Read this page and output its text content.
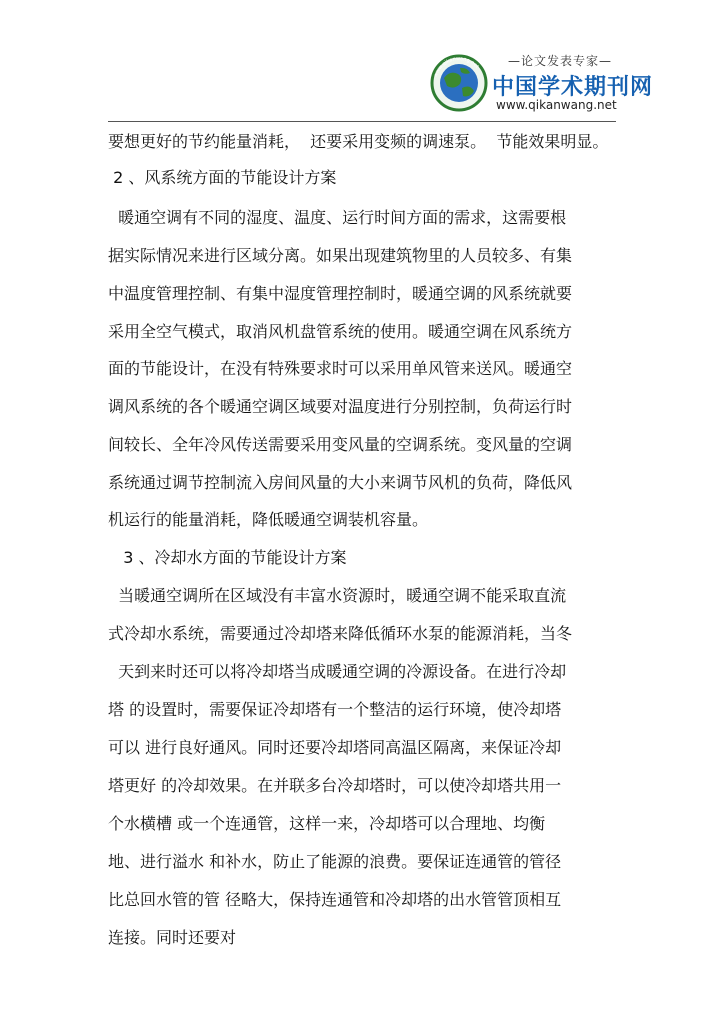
www.qikanwang.net	—论文发表专家—
中国学术期刊网
www.qikanwang.net
要想更好的节约能量消耗，  还要采用变频的调速泵。  节能效果明显。
2 、风系统方面的节能设计方案
暖通空调有不同的湿度、温度、运行时间方面的需求，这需要根
据实际情况来进行区域分离。如果出现建筑物里的人员较多、有集
中温度管理控制、有集中湿度管理控制时，暖通空调的风系统就要
采用全空气模式，取消风机盘管系统的使用。暖通空调在风系统方
面的节能设计，在没有特殊要求时可以采用单风管来送风。暖通空
调风系统的各个暖通空调区域要对温度进行分别控制，负荷运行时
间较长、全年冷风传送需要采用变风量的空调系统。变风量的空调
系统通过调节控制流入房间风量的大小来调节风机的负荷，降低风
机运行的能量消耗，降低暖通空调装机容量。
3 、冷却水方面的节能设计方案
当暖通空调所在区域没有丰富水资源时，暖通空调不能采取直流
式冷却水系统，需要通过冷却塔来降低循环水泵的能源消耗，当冬
天到来时还可以将冷却塔当成暖通空调的冷源设备。在进行冷却
塔 的设置时，需要保证冷却塔有一个整洁的运行环境，使冷却塔
可以 进行良好通风。同时还要冷却塔同高温区隔离，来保证冷却
塔更好 的冷却效果。在并联多台冷却塔时，可以使冷却塔共用一
个水横槽 或一个连通管，这样一来，冷却塔可以合理地、均衡
地、进行溢水 和补水，防止了能源的浪费。要保证连通管的管径
比总回水管的管 径略大，保持连通管和冷却塔的出水管管顶相互
连接。同时还要对
